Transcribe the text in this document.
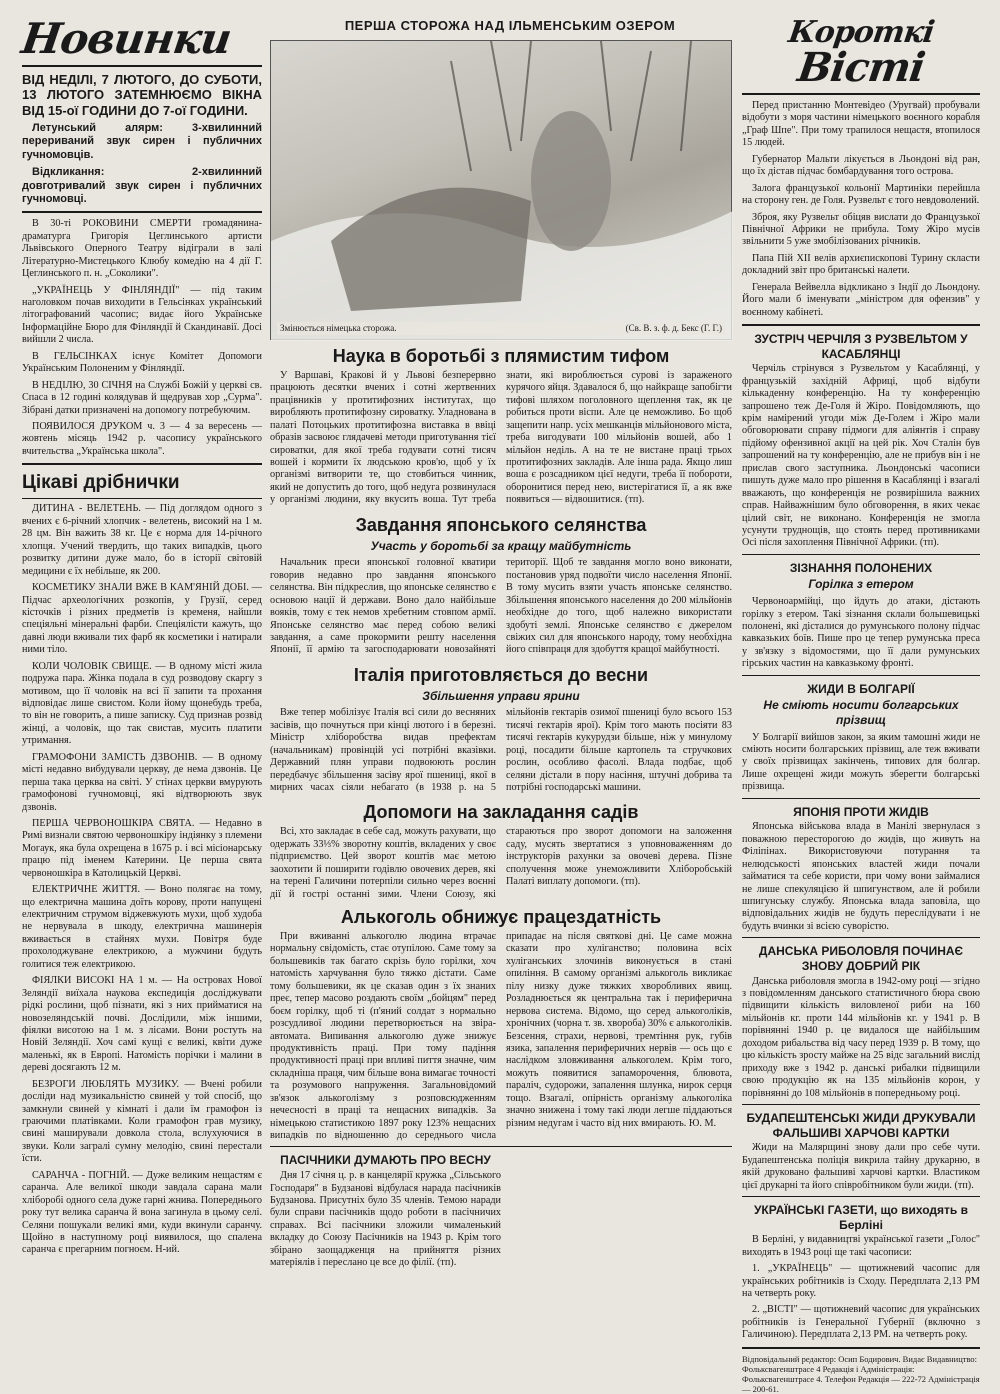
ПЕРША СТОРОЖА НАД ІЛЬМЕНСЬКИМ ОЗЕРОМ
Новинки
ВІД НЕДІЛІ, 7 ЛЮТОГО, ДО СУБОТИ, 13 ЛЮТОГО ЗАТЕМНЮЄМО ВІКНА ВІД 15-ої ГОДИНИ ДО 7-ої ГОДИНИ.
Летунський алярм: 3-хвилинний перериваний звук сирен і публичних гучномовців.
Відкликання: 2-хвилинний довготривалий звук сирен і публичних гучномовці.
В 30-ті РОКОВИНИ СМЕРТИ громадянина-драматурга Григорія Цеглинського артисти Львівського Оперного Театру відіграли в залі Літературно-Мистецького Клюбу комедію на 4 дії Г. Цеглинського п. н. „Соколики".
„УКРАЇНЕЦЬ У ФІНЛЯНДІЇ" — під таким наголовком почав виходити в Гельсінках український літографований часопис; видає його Українське Інформаційне Бюро для Фінляндії й Скандинавії. Досі вийшли 2 числа.
В ГЕЛЬСІНКАХ існує Комітет Допомоги Українським Полоненим у Фінляндії.
В НЕДІЛЮ, 30 СІЧНЯ на Службі Божій у церкві св. Спаса в 12 годині колядував й щедрував хор „Сурма". Зібрані датки призначені на допомогу потребуючим.
ПОЯВИЛОСЯ ДРУКОМ ч. 3 — 4 за вересень — жовтень місяць 1942 р. часопису українського вчительства „Українська школа".
Цікаві дрібнички
ДИТИНА - ВЕЛЕТЕНЬ. — Під доглядом одного з вчених є 6-річний хлопчик - велетень, високий на 1 м. 28 цм. Він важить 38 кг. Це є норма для 14-річного хлопця. Учений твердить, що таких випадків, цього розвитку дитини дуже мало, бо в історії світовій медицини є їх небільше, як 200.
КОСМЕТИКУ ЗНАЛИ ВЖЕ В КАМ'ЯНІЙ ДОБІ. — Підчас археологічних розкопів, у Грузії, серед кісточків і різних предметів із кременя, найшли спеціяльні мінеральні фарби. Спеціялісти кажуть, що давні люди вживали тих фарб як косметики і натирали ними тіло.
КОЛИ ЧОЛОВІК СВИЩЕ. — В одному місті жила подружа пара. Жінка подала в суд розводову скаргу з мотивом, що її чоловік на всі її запити та прохання відповідає лише свистом. Коли йому щонебудь треба, то він не говорить, а пише записку. Суд признав розвід жінці, а чоловік, що так свистав, мусить платити утримання.
ГРАМОФОНИ ЗАМІСТЬ ДЗВОНІВ. — В одному місті недавно вибудували церкву, де нема дзвонів. Це перша така церква на світі. У стінах церкви вмурують грамофонові гучномовці, які відтворюють звук дзвонів.
ПЕРША ЧЕРВОНОШКІРА СВЯТА. — Недавно в Римі визнали святою червоношкіру індіянку з племени Могаук, яка була охрещена в 1675 р. і всі місіонарську працю під іменем Катерини. Це перша свята червоношкіра в Католицькій Церкві.
ЕЛЕКТРИЧНЕ ЖИТТЯ. — Воно полягає на тому, що електрична машина доїть корову, проти напущені електричним струмом віджевжують мухи, щоб худоба не нервувала в шкоду, електрична машинерія вживається в стайнях мухи. Повітря буде прохолоджуване електрикою, а мужчини будуть голитися теж електрикою.
ФІЯЛКИ ВИСОКІ НА 1 м. — На островах Нової Зеляндії виїхала наукова експедиція досліджувати рідкі рослини, щоб пізнати, які з них прийматися на новозеляндській почві. Дослідили, між іншими, фіялки висотою на 1 м. з лісами. Вони ростуть на Новій Зеляндії. Хоч самі кущі є великі, квіти дуже маленькі, як в Европі. Натомість порічки і малини в дереві досягають 12 м.
БЕЗРОГИ ЛЮБЛЯТЬ МУЗИКУ. — Вчені робили досліди над музикальністю свиней у той спосіб, що замкнули свиней у кімнаті і дали їм грамофон із граючими платівками. Коли грамофон грав музику, свині маширували довкола стола, вслухуючися в звуки. Коли загралі сумну мелодію, свині перестали їсти.
САРАНЧА - ПОГНІЙ. — Дуже великим нещастям є саранча. Але великої шкоди завдала сарана мали хліборобі одного села дуже гарні жнива. Попереднього року тут велика саранча й вона загинула в цьому селі. Селяни пошукали великі ями, куди вкинули саранчу. Щойно в наступному році виявилося, що спалена саранча є прегарним погноєм. Н-ий.
Змінюється німецька сторожа.	(Св. В. з. ф. д. Бекс (Г. Г.)
Наука в боротьбі з плямистим тифом
У Варшаві, Кракові й у Львові безперервно працюють десятки вчених і сотні жертвенних працівників у протитифозних інститутах, що виробляють протитифозну сироватку. Уладнована в палаті Потоцьких протитифозна виставка в ввіці образів засвоює глядачеві методи приготування тієї сироватки, для якої треба годувати сотні тисяч вошей і кормити їх людською кров'ю, щоб у їх організмі витворити те, що стовбиться чинник, який не допустить до того, щоб недуга розвинулася у організмі людини, яку вкусить воша. Тут треба знати, які вироблюється сурові із зараженого курячого яйця. Здавалося б, що найкраще запобігти тифові шляхом поголовного щеплення так, як це робиться проти віспи. Але це неможливо. Бо щоб защепити напр. усіх мешканців мільйонового міста, треба вигодувати 100 мільйонів вошей, або 1 мільйон неділь. А на те не вистане праці трьох протитифозних закладів. Але інша рада. Якщо лиш воша є розсадником цієї недуги, треба її побороти, оборонитися перед нею, вистерігатися її, а як вже появиться — відвошитися. (тп).
Завдання японського селянства
Участь у боротьбі за кращу майбутність
Начальник преси японської головної кватири говорив недавно про завдання японського селянства. Він підкреслив, що японське селянство є основою нації й держави. Воно дало найбільше вояків, тому є тек немов хребетним стовпом армії. Японське селянство має перед собою великі завдання, а саме прокормити решту населення Японії, її армію та загосподарювати новозайняті території. Щоб те завдання могло воно виконати, постановив уряд подвоїти число населення Японії. В тому мусить взяти участь японське селянство. Збільшення японського населення до 200 мільйонів необхідне до того, щоб належно використати здобуті землі. Японське селянство є джерелом свіжих сил для японського народу, тому необхідна його співпраця для здобуття кращої майбутності.
Італія приготовляється до весни
Збільшення управи ярини
Вже тепер мобілізує Італія всі сили до весняних засівів, що почнуться при кінці лютого і в березні. Міністр хліборобства видав префектам (начальникам) провінцій усі потрібні вказівки. Державний плян управи подвоюють рослин передбачує збільшення засіву ярої пшениці, якої в мирних часах сіяли небагато (в 1938 р. на 5 мільйонів гектарів озимої пшениці було всього 153 тисячі гектарів ярої). Крім того мають посіяти 83 тисячі гектарів кукурудзи більше, ніж у минулому році, посадити більше картопель та стручкових рослин, особливо фасолі. Влада подбає, щоб селяни дістали в пору насіння, штучні добрива та потрібні господарські машини.
Допомоги на закладання садів
Всі, хто закладає в себе сад, можуть рахувати, що одержать 33⅓% зворотну коштів, вкладених у своє підприємство. Цей зворот коштів має метою заохотити й поширити годівлю овочевих дерев, які на терені Галичини потерпіли сильно через воєнні дії й гострі останні зими. Члени Союзу, які стараються про зворот допомоги на заложення саду, мусять звертатися з уповноваженням до інструкторів рахунки за овочеві дерева. Пізне сполучення може унеможливити Хліборобській Палаті виплату допомоги. (тп).
Алькоголь обнижує працездатність
При вживанні алькоголю людина втрачає нормальну свідомість, стає отупілою. Саме тому за большевиків так багато скрізь було горілки, хоч натомість харчування було тяжко дістати. Саме тому большевики, як це сказав один з їх знаних преє, тепер масово роздають своїм „бойцям" перед боєм горілку, щоб ті (п'яний солдат з нормально розсудливої людини перетворюється на звіра-автомата. Випивання алькоголю дуже знижує продуктивність праці. При тому падіння продуктивності праці при впливі пиття значне, чим складніша праця, чим більше вона вимагає точності та розумового напруження. Загальновідомий зв'язок алькоголізму з розповсюдженням нечесності в праці та нещасних випадків. За німецькою статистикою 1897 року 123% нещасних випадків по відношенню до середнього числа припадає на після святкові дні. Це саме можна сказати про хуліганство; половина всіх хуліганських злочинів виконується в стані опиління. В самому організмі алькоголь викликає пілу низку дуже тяжких хворобливих явищ. Розладнюється як центральна так і периферична нервова система. Відомо, що серед алькоголіків, хронічних (чорна т. зв. хвороба) 30% є алькоголіків. Безсення, страхи, нервові, тремтіння рук, губів язика, запалення периферичних нервів — ось що є наслідком зловживання алькоголем. Крім того, можуть появитися запаморочення, блювота, параліч, судорожи, запалення шлунка, нирок серця тощо. Взагалі, опірність організму алькоголіка значно знижена і тому такі люди легше піддаються різним недугам і часто від них вмирають. Ю. М.
ПАСІЧНИКИ ДУМАЮТЬ ПРО ВЕСНУ
Дня 17 січня ц. р. в канцелярії кружка „Сільського Господаря" в Будзанові відбулася нарада пасічників Будзанова. Присутніх було 35 членів. Темою наради були справи пасічників щодо роботи в пасічничих справах. Всі пасічники зложили чималенький вкладку до Союзу Пасічників на 1943 р. Крім того збірано заощадженця на прийняття різних матеріялів і переслано це все до філії. (тп).
Короткі
Вісті
Перед пристанню Монтевідео (Уругвай) пробували відобути з моря частини німецького воєнного корабля „Граф Шпе". При тому трапилося нещастя, втопилося 15 людей.
Губернатор Мальти лікується в Льондоні від ран, що їх дістав підчас бомбардування того острова.
Залога французької кольонії Мартиніки перейшла на сторону ген. де Голя. Рузвельт є того невдоволений.
Зброя, яку Рузвельт обіцяв вислати до Французької Північної Африки не прибула. Тому Жіро мусів звільнити 5 уже змобілізованих річників.
Папа Пій XII велів архиєпископові Турину скласти докладний звіт про британські налети.
Генерала Вейвелла відкликано з Індії до Льондону. Його мали б іменувати „міністром для офензив" у воєнному кабінеті.
ЗУСТРІЧ ЧЕРЧІЛЯ З РУЗВЕЛЬТОМ У КАСАБЛЯНЦІ
Черчіль стрінувся з Рузвельтом у Касаблянці, у французькій західній Африці, щоб відбути кількаденну конференцію. На ту конференцію запрошено теж Де-Голя й Жіро. Повідомляють, що крім намірений угоди між Де-Голем і Жіро мали обговорювати справу підмоги для аліянтів і справу підйому офензивної акції на цей рік. Хоч Сталін був запрошений на ту конференцію, але не прибув він і не прислав свого заступника. Льондонські часописи пишуть дуже мало про рішення в Касаблянці і взагалі вважають, що конференція не розвирішила важних справ. Найважнішим було обговорення, в яких чекає цілий світ, не виконано. Конференція не змогла усунути труднощів, що стоять перед противниками Осі після захоплення Північної Африки. (тп).
ЗІЗНАННЯ ПОЛОНЕНИХ
Горілка з етером
Червоноармійці, що йдуть до атаки, дістають горілку з етером. Такі зізнання склали большевицькі полонені, які дісталися до румунського полону підчас кавказьких боїв. Пише про це тепер румунська преса у зв'язку з відомостями, що її дали румунських гірських частин на кавказькому фронті.
ЖИДИ В БОЛГАРІЇ
Не сміють носити болгарських прізвищ
У Болгарії вийшов закон, за яким тамошні жиди не сміють носити болгарських прізвищ, але теж вживати у своїх прізвищах закінчень, типових для болгар. Лише охрещені жиди можуть зберегти болгарські прізвища.
ЯПОНІЯ ПРОТИ ЖИДІВ
Японська військова влада в Манілі звернулася з поважною пересторогою до жидів, що живуть на Філіпінах. Використовуючи потурання та нелюдськості японських властей жиди почали займатися та себе користи, при чому вони займалися не лише спекуляцією й шпигунством, але й робили шпигунську службу. Японська влада заповіла, що відповідальних жидів не будуть переслідувати і не будуть вчинки зі всією суворістю.
ДАНСЬКА РИБОЛОВЛЯ ПОЧИНАЄ ЗНОВУ ДОБРИЙ РІК
Данська риболовля змогла в 1942-ому році — згідно з повідомленням данського статистичного бюра свою підвищити кількість виловленої риби на 160 мільйонів кг. проти 144 мільйонів кг. у 1941 р. В порівнянні 1940 р. це видалося ще найбільшим доходом рибальства від часу перед 1939 р. В тому, що цю кількість зросту майже на 25 відс загальний вислід приходу вже з 1942 р. данські рибалки підвищили свою продукцію як на 135 мільйонів корон, у порівнянні до 108 мільйонів в попередньому році.
БУДАПЕШТЕНСЬКІ ЖИДИ ДРУКУВАЛИ ФАЛЬШИВІ ХАРЧОВІ КАРТКИ
Жиди на Малярщині знову дали про себе чути. Будапештенська поліція викрила тайну друкарню, в якій друковано фальшиві харчові картки. Властиком цієї друкарні та його співробітником були жиди. (тп).
УКРАЇНСЬКІ ГАЗЕТИ, що виходять в Берліні
В Берліні, у видавництві української газети „Голос" виходять в 1943 році ще такі часописи:
1. „УКРАЇНЕЦЬ" — щотижневий часопис для українських робітників із Сходу. Передплата 2,13 РМ на четверть року.
2. „ВІСТІ" — щотижневий часопис для українських робітників із Генеральної Губернії (включно з Галичиною). Передплата 2,13 РМ. на четверть року.
Відповідальний редактор: Осип Бодирович. Видає Видавництво: Фольксвагенштрасе 4 Редакція і Адміністрація: Фольксвагенштрасе 4. Телефон Редакція — 222-72 Адміністрація — 200-61.
